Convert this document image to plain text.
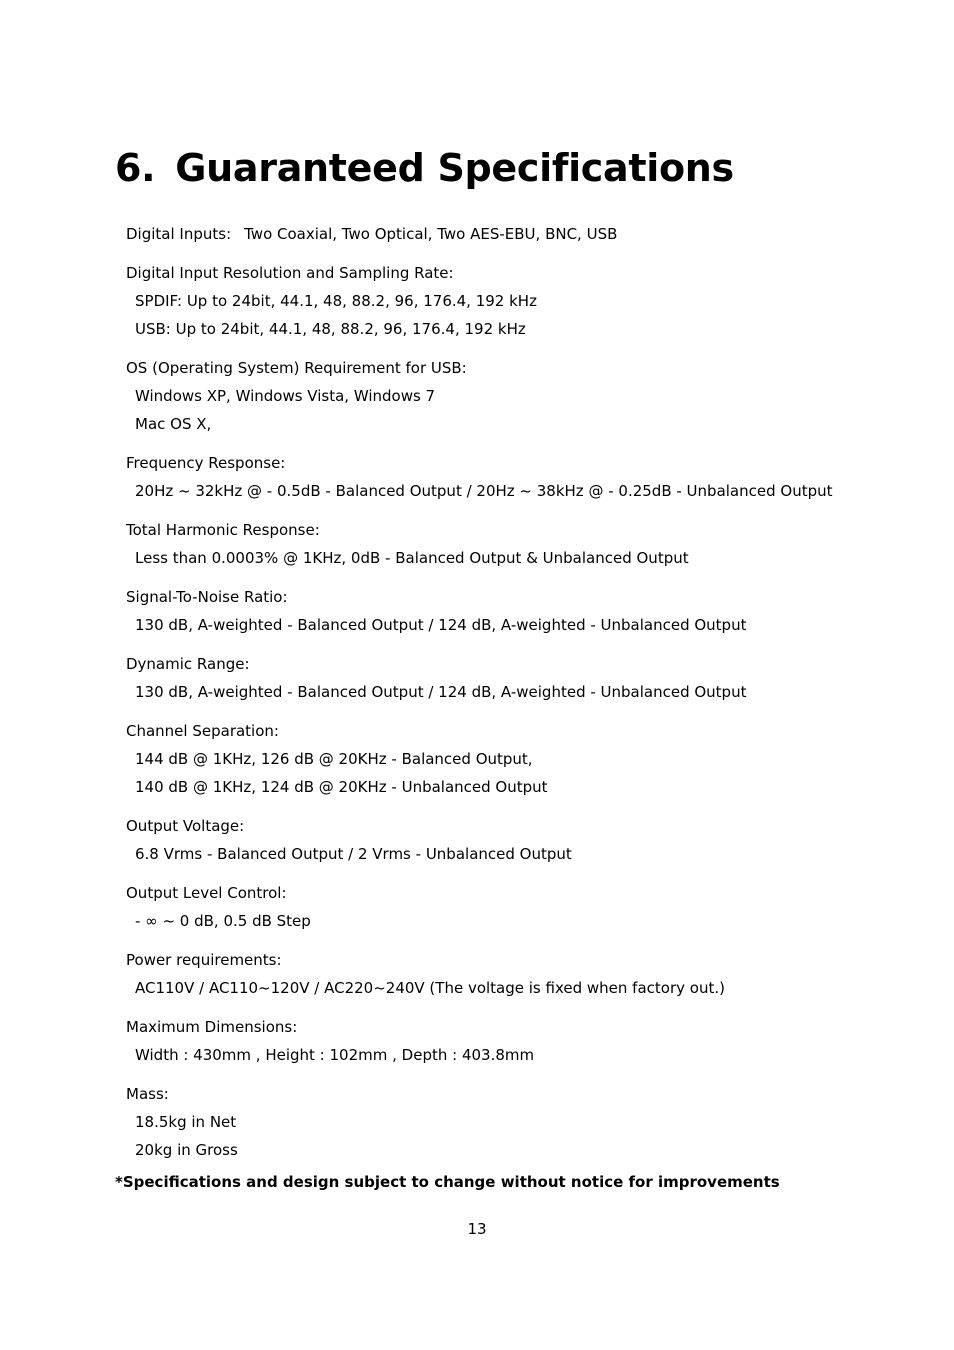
6. Guaranteed Specifications
Digital Inputs: Two Coaxial, Two Optical, Two AES-EBU, BNC, USB
Digital Input Resolution and Sampling Rate:
SPDIF: Up to 24bit, 44.1, 48, 88.2, 96, 176.4, 192 kHz
USB: Up to 24bit, 44.1, 48, 88.2, 96, 176.4, 192 kHz
OS (Operating System) Requirement for USB:
Windows XP, Windows Vista, Windows 7
Mac OS X,
Frequency Response:
20Hz ~ 32kHz @ - 0.5dB - Balanced Output / 20Hz ~ 38kHz @ - 0.25dB - Unbalanced Output
Total Harmonic Response:
Less than 0.0003% @ 1KHz, 0dB - Balanced Output & Unbalanced Output
Signal-To-Noise Ratio:
130 dB, A-weighted - Balanced Output / 124 dB, A-weighted - Unbalanced Output
Dynamic Range:
130 dB, A-weighted - Balanced Output / 124 dB, A-weighted - Unbalanced Output
Channel Separation:
144 dB @ 1KHz, 126 dB @ 20KHz - Balanced Output,
140 dB @ 1KHz, 124 dB @ 20KHz - Unbalanced Output
Output Voltage:
6.8 Vrms - Balanced Output / 2 Vrms - Unbalanced Output
Output Level Control:
- ∞ ~ 0 dB, 0.5 dB Step
Power requirements:
AC110V / AC110~120V / AC220~240V (The voltage is fixed when factory out.)
Maximum Dimensions:
Width : 430mm , Height : 102mm , Depth : 403.8mm
Mass:
18.5kg in Net
20kg in Gross
*Specifications and design subject to change without notice for improvements
13
